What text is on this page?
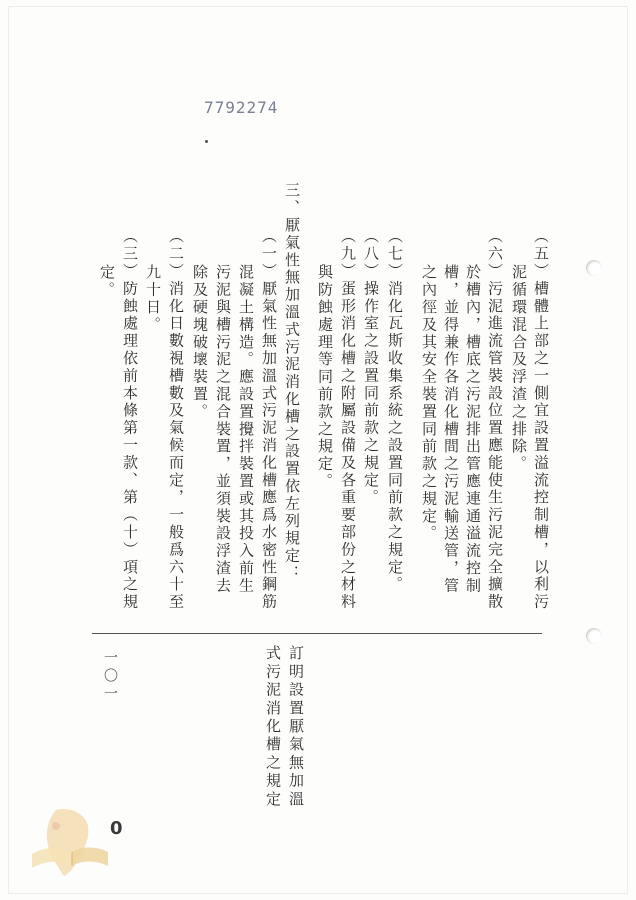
7792274
（五）槽體上部之一側宜設置溢流控制槽，以利污
泥循環混合及浮渣之排除。
（六）污泥進流管裝設位置應能使生污泥完全擴散
於槽內，槽底之污泥排出管應連通溢流控制
槽，並得兼作各消化槽間之污泥輸送管，管
之內徑及其安全裝置同前款之規定。
（七）消化瓦斯收集系統之設置同前款之規定。
（八）操作室之設置同前款之規定。
（九）蛋形消化槽之附屬設備及各重要部份之材料
與防蝕處理等同前款之規定。
三、厭氣性無加溫式污泥消化槽之設置依左列規定：
（一）厭氣性無加溫式污泥消化槽應爲水密性鋼筋
混凝土構造。應設置攪拌裝置或其投入前生
污泥與槽污泥之混合裝置，並須裝設浮渣去
除及硬塊破壞裝置。
（二）消化日數視槽數及氣候而定，一般爲六十至
九十日。
（三）防蝕處理依前本條第一款、第（十）項之規
定。
一〇一	訂明設置厭氣無加溫
式污泥消化槽之規定
0
